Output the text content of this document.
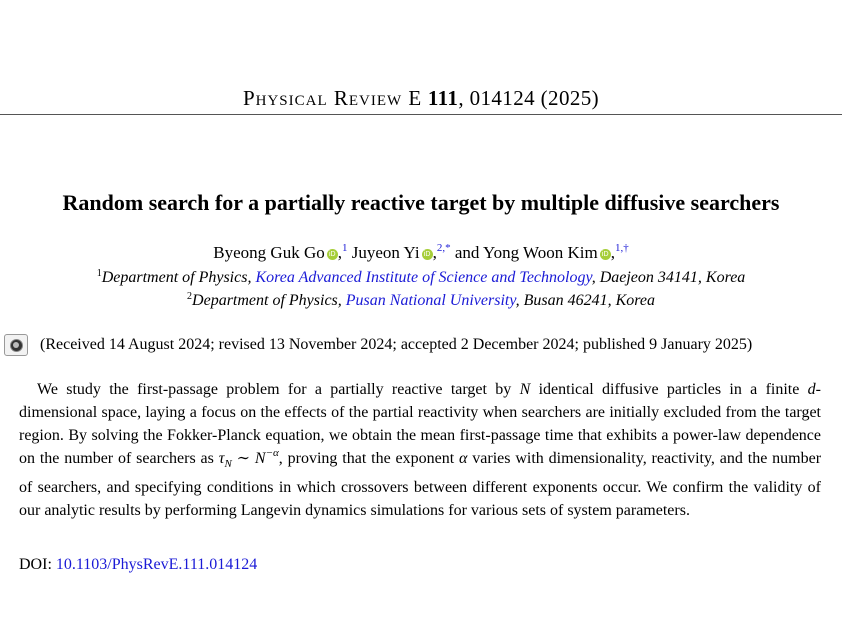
Physical Review E 111, 014124 (2025)
Random search for a partially reactive target by multiple diffusive searchers
Byeong Guk Go iD ,$^1$ Juyeon Yi iD ,$^{2,*}$ and Yong Woon Kim iD ,$^{1,\dagger}$
$^1$Department of Physics, Korea Advanced Institute of Science and Technology, Daejeon 34141, Korea
$^2$Department of Physics, Pusan National University, Busan 46241, Korea
(Received 14 August 2024; revised 13 November 2024; accepted 2 December 2024; published 9 January 2025)

We study the first-passage problem for a partially reactive target by N identical diffusive particles in a finite d-dimensional space, laying a focus on the effects of the partial reactivity when searchers are initially excluded from the target region. By solving the Fokker-Planck equation, we obtain the mean first-passage time that exhibits a power-law dependence on the number of searchers as $\tau_N$ ∼ $N^{-\alpha}$, proving that the exponent α varies with dimensionality, reactivity, and the number of searchers, and specifying conditions in which crossovers between different exponents occur. We confirm the validity of our analytic results by performing Langevin dynamics simulations for various sets of system parameters.

DOI: 10.1103/PhysRevE.111.014124
